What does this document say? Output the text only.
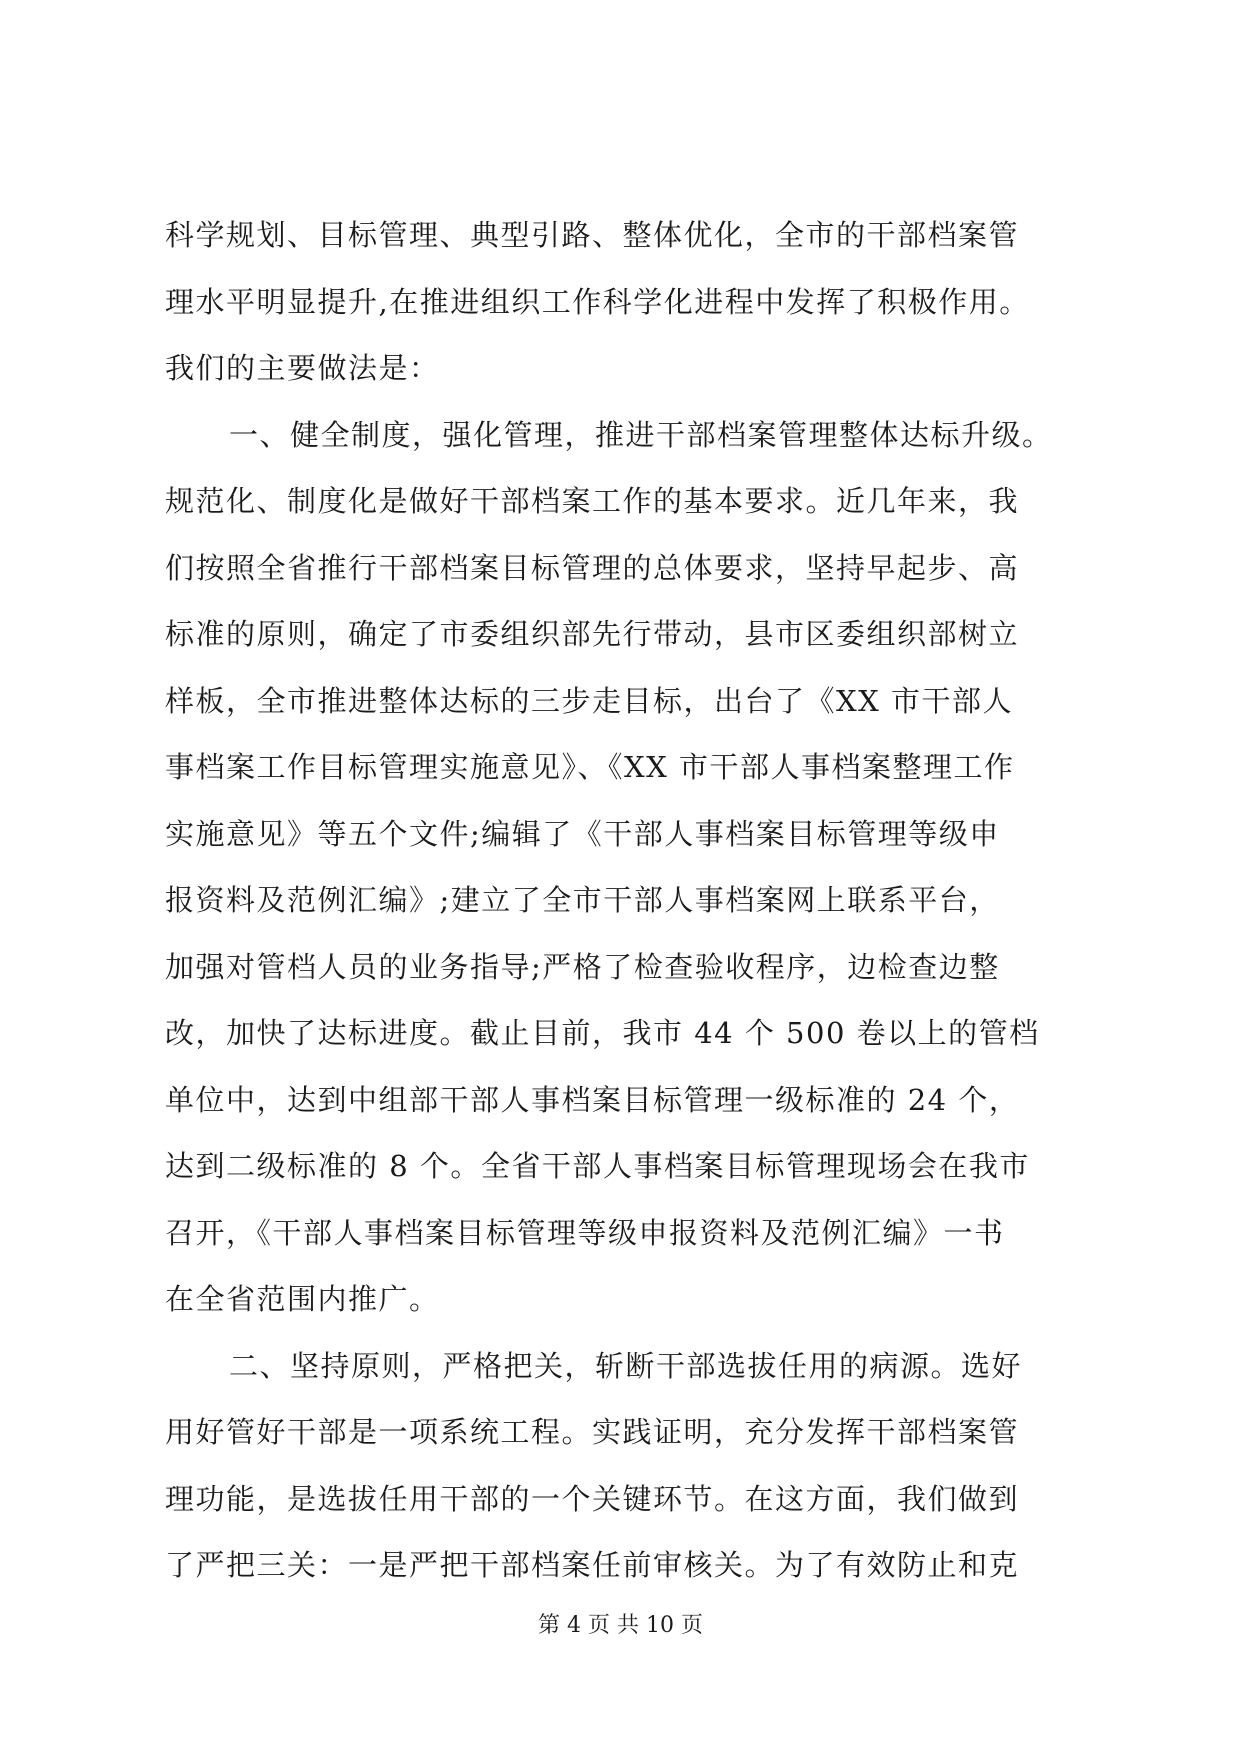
科学规划、目标管理、典型引路、整体优化，全市的干部档案管
理水平明显提升,在推进组织工作科学化进程中发挥了积极作用。
我们的主要做法是：
一、健全制度，强化管理，推进干部档案管理整体达标升级。
规范化、制度化是做好干部档案工作的基本要求。近几年来，我
们按照全省推行干部档案目标管理的总体要求，坚持早起步、高
标准的原则，确定了市委组织部先行带动，县市区委组织部树立
样板，全市推进整体达标的三步走目标，出台了《XX 市干部人
事档案工作目标管理实施意见》、《XX 市干部人事档案整理工作
实施意见》等五个文件;编辑了《干部人事档案目标管理等级申
报资料及范例汇编》;建立了全市干部人事档案网上联系平台，
加强对管档人员的业务指导;严格了检查验收程序，边检查边整
改，加快了达标进度。截止目前，我市 44 个 500 卷以上的管档
单位中，达到中组部干部人事档案目标管理一级标准的 24 个，
达到二级标准的 8 个。全省干部人事档案目标管理现场会在我市
召开，《干部人事档案目标管理等级申报资料及范例汇编》一书
在全省范围内推广。
二、坚持原则，严格把关，斩断干部选拔任用的病源。选好
用好管好干部是一项系统工程。实践证明，充分发挥干部档案管
理功能，是选拔任用干部的一个关键环节。在这方面，我们做到
了严把三关：一是严把干部档案任前审核关。为了有效防止和克
第 4 页 共 10 页
